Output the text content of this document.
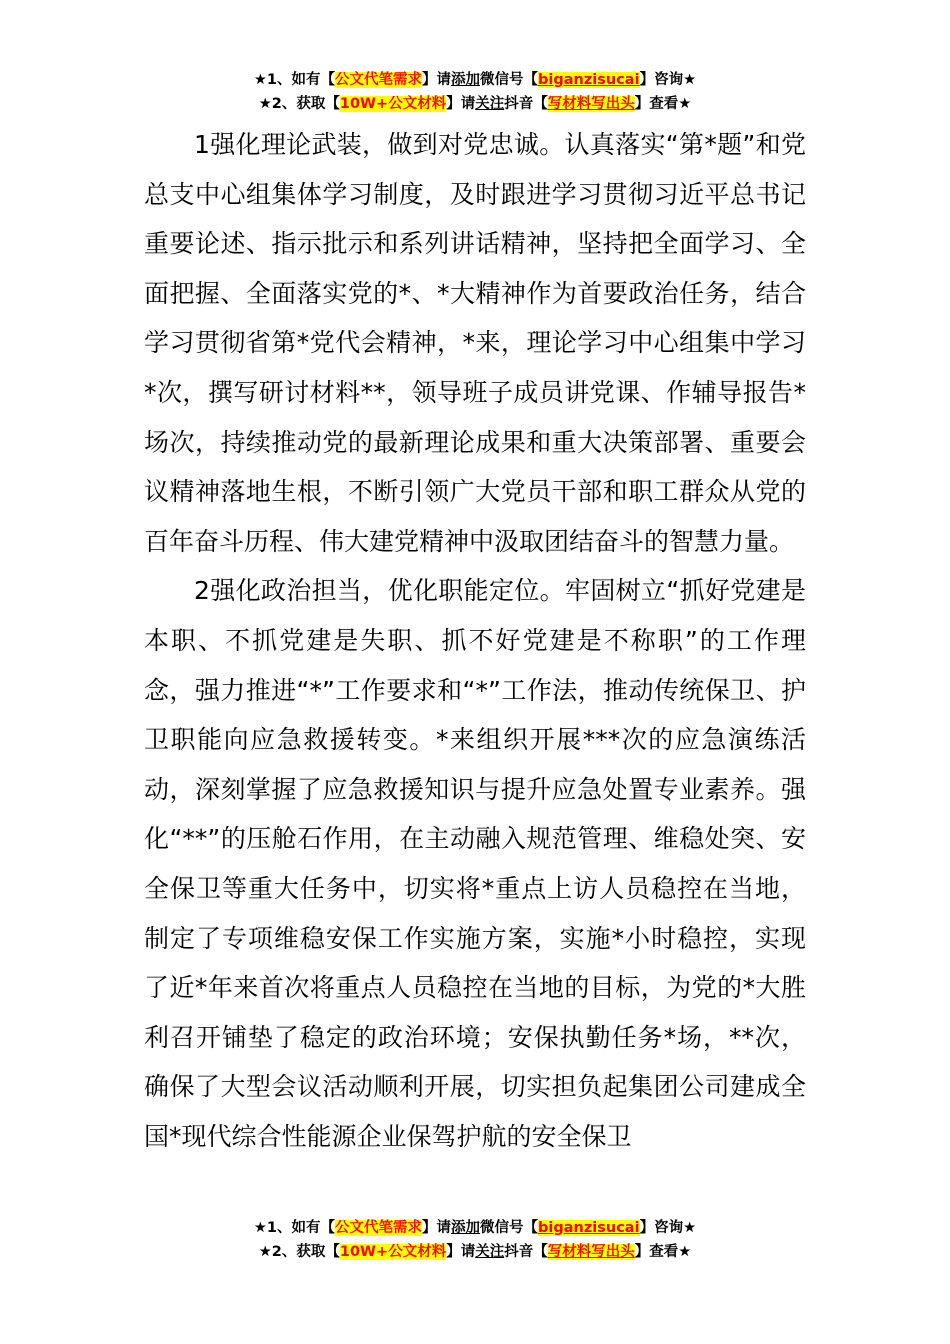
★1、如有【公文代笔需求】请添加微信号【biganzisucai】咨询★
★2、获取【10W+公文材料】请关注抖音【写材料写出头】查看★

1强化理论武装，做到对党忠诚。认真落实“第*题”和党总支中心组集体学习制度，及时跟进学习贯彻习近平总书记重要论述、指示批示和系列讲话精神，坚持把全面学习、全面把握、全面落实党的*、*大精神作为首要政治任务，结合学习贯彻省第*党代会精神，*来，理论学习中心组集中学习*次，撰写研讨材料**，领导班子成员讲党课、作辅导报告*场次，持续推动党的最新理论成果和重大决策部署、重要会议精神落地生根，不断引领广大党员干部和职工群众从党的百年奋斗历程、伟大建党精神中汲取团结奋斗的智慧力量。

2强化政治担当，优化职能定位。牢固树立“抓好党建是本职、不抓党建是失职、抓不好党建是不称职”的工作理念，强力推进“*”工作要求和“*”工作法，推动传统保卫、护卫职能向应急救援转变。*来组织开展***次的应急演练活动，深刻掌握了应急救援知识与提升应急处置专业素养。强化“**”的压舱石作用，在主动融入规范管理、维稳处突、安全保卫等重大任务中，切实将*重点上访人员稳控在当地，制定了专项维稳安保工作实施方案，实施*小时稳控，实现了近*年来首次将重点人员稳控在当地的目标，为党的*大胜利召开铺垫了稳定的政治环境；安保执勤任务*场，**次，确保了大型会议活动顺利开展，切实担负起集团公司建成全国*现代综合性能源企业保驾护航的安全保卫

★1、如有【公文代笔需求】请添加微信号【biganzisucai】咨询★
★2、获取【10W+公文材料】请关注抖音【写材料写出头】查看★
